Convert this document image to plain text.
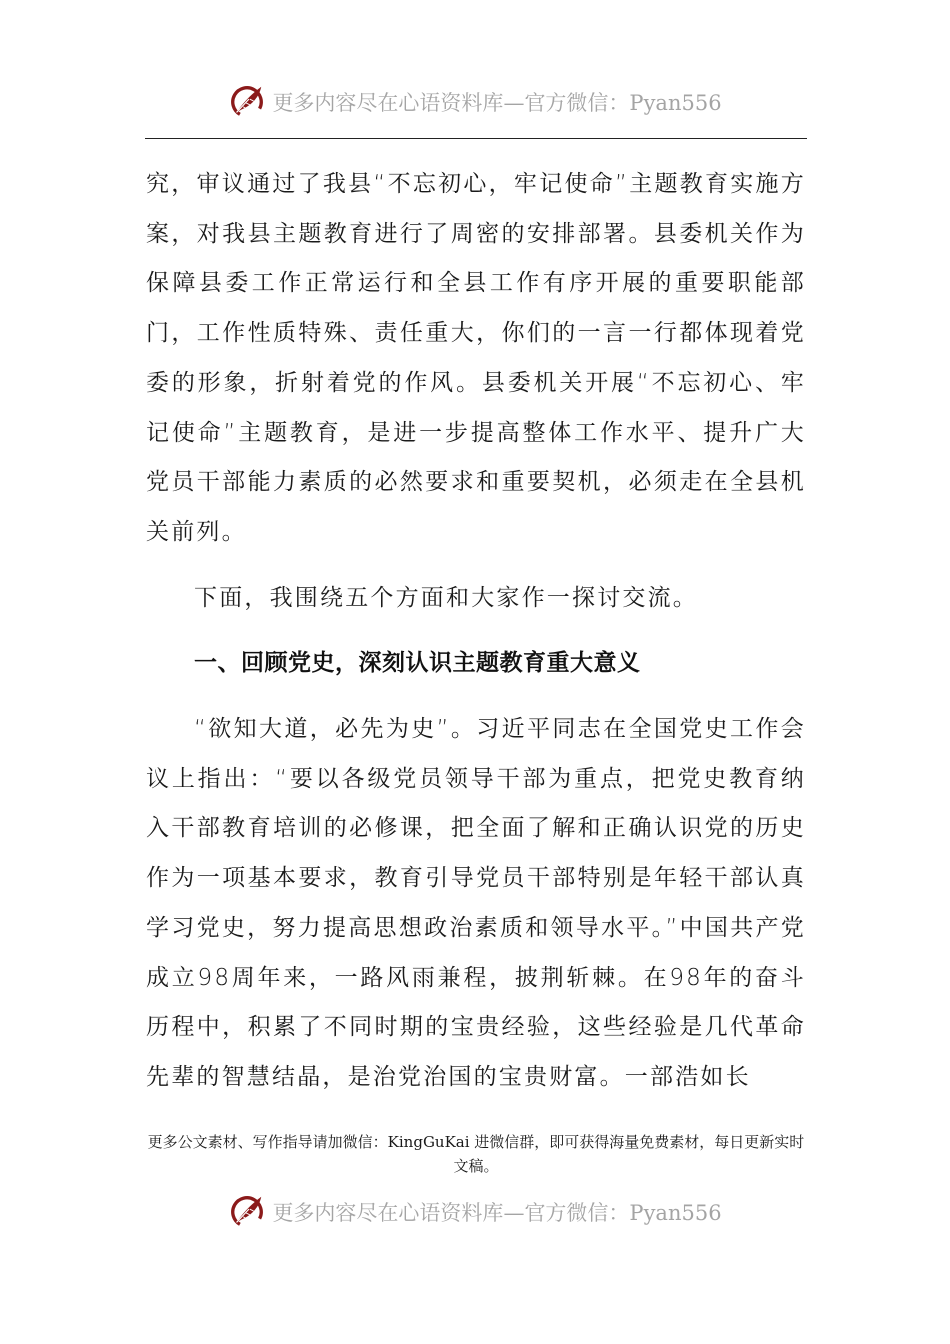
更多内容尽在心语资料库—官方微信：Pyan556

究，审议通过了我县“不忘初心，牢记使命”主题教育实施方案，对我县主题教育进行了周密的安排部署。县委机关作为保障县委工作正常运行和全县工作有序开展的重要职能部门，工作性质特殊、责任重大，你们的一言一行都体现着党委的形象，折射着党的作风。县委机关开展“不忘初心、牢记使命”主题教育，是进一步提高整体工作水平、提升广大党员干部能力素质的必然要求和重要契机，必须走在全县机关前列。

下面，我围绕五个方面和大家作一探讨交流。

一、回顾党史，深刻认识主题教育重大意义

“欲知大道，必先为史”。习近平同志在全国党史工作会议上指出：“要以各级党员领导干部为重点，把党史教育纳入干部教育培训的必修课，把全面了解和正确认识党的历史作为一项基本要求，教育引导党员干部特别是年轻干部认真学习党史，努力提高思想政治素质和领导水平。”中国共产党成立98周年来，一路风雨兼程，披荆斩棘。在98年的奋斗历程中，积累了不同时期的宝贵经验，这些经验是几代革命先辈的智慧结晶，是治党治国的宝贵财富。一部浩如长

更多公文素材、写作指导请加微信：KingGuKai 进微信群，即可获得海量免费素材，每日更新实时文稿。
更多内容尽在心语资料库—官方微信：Pyan556
